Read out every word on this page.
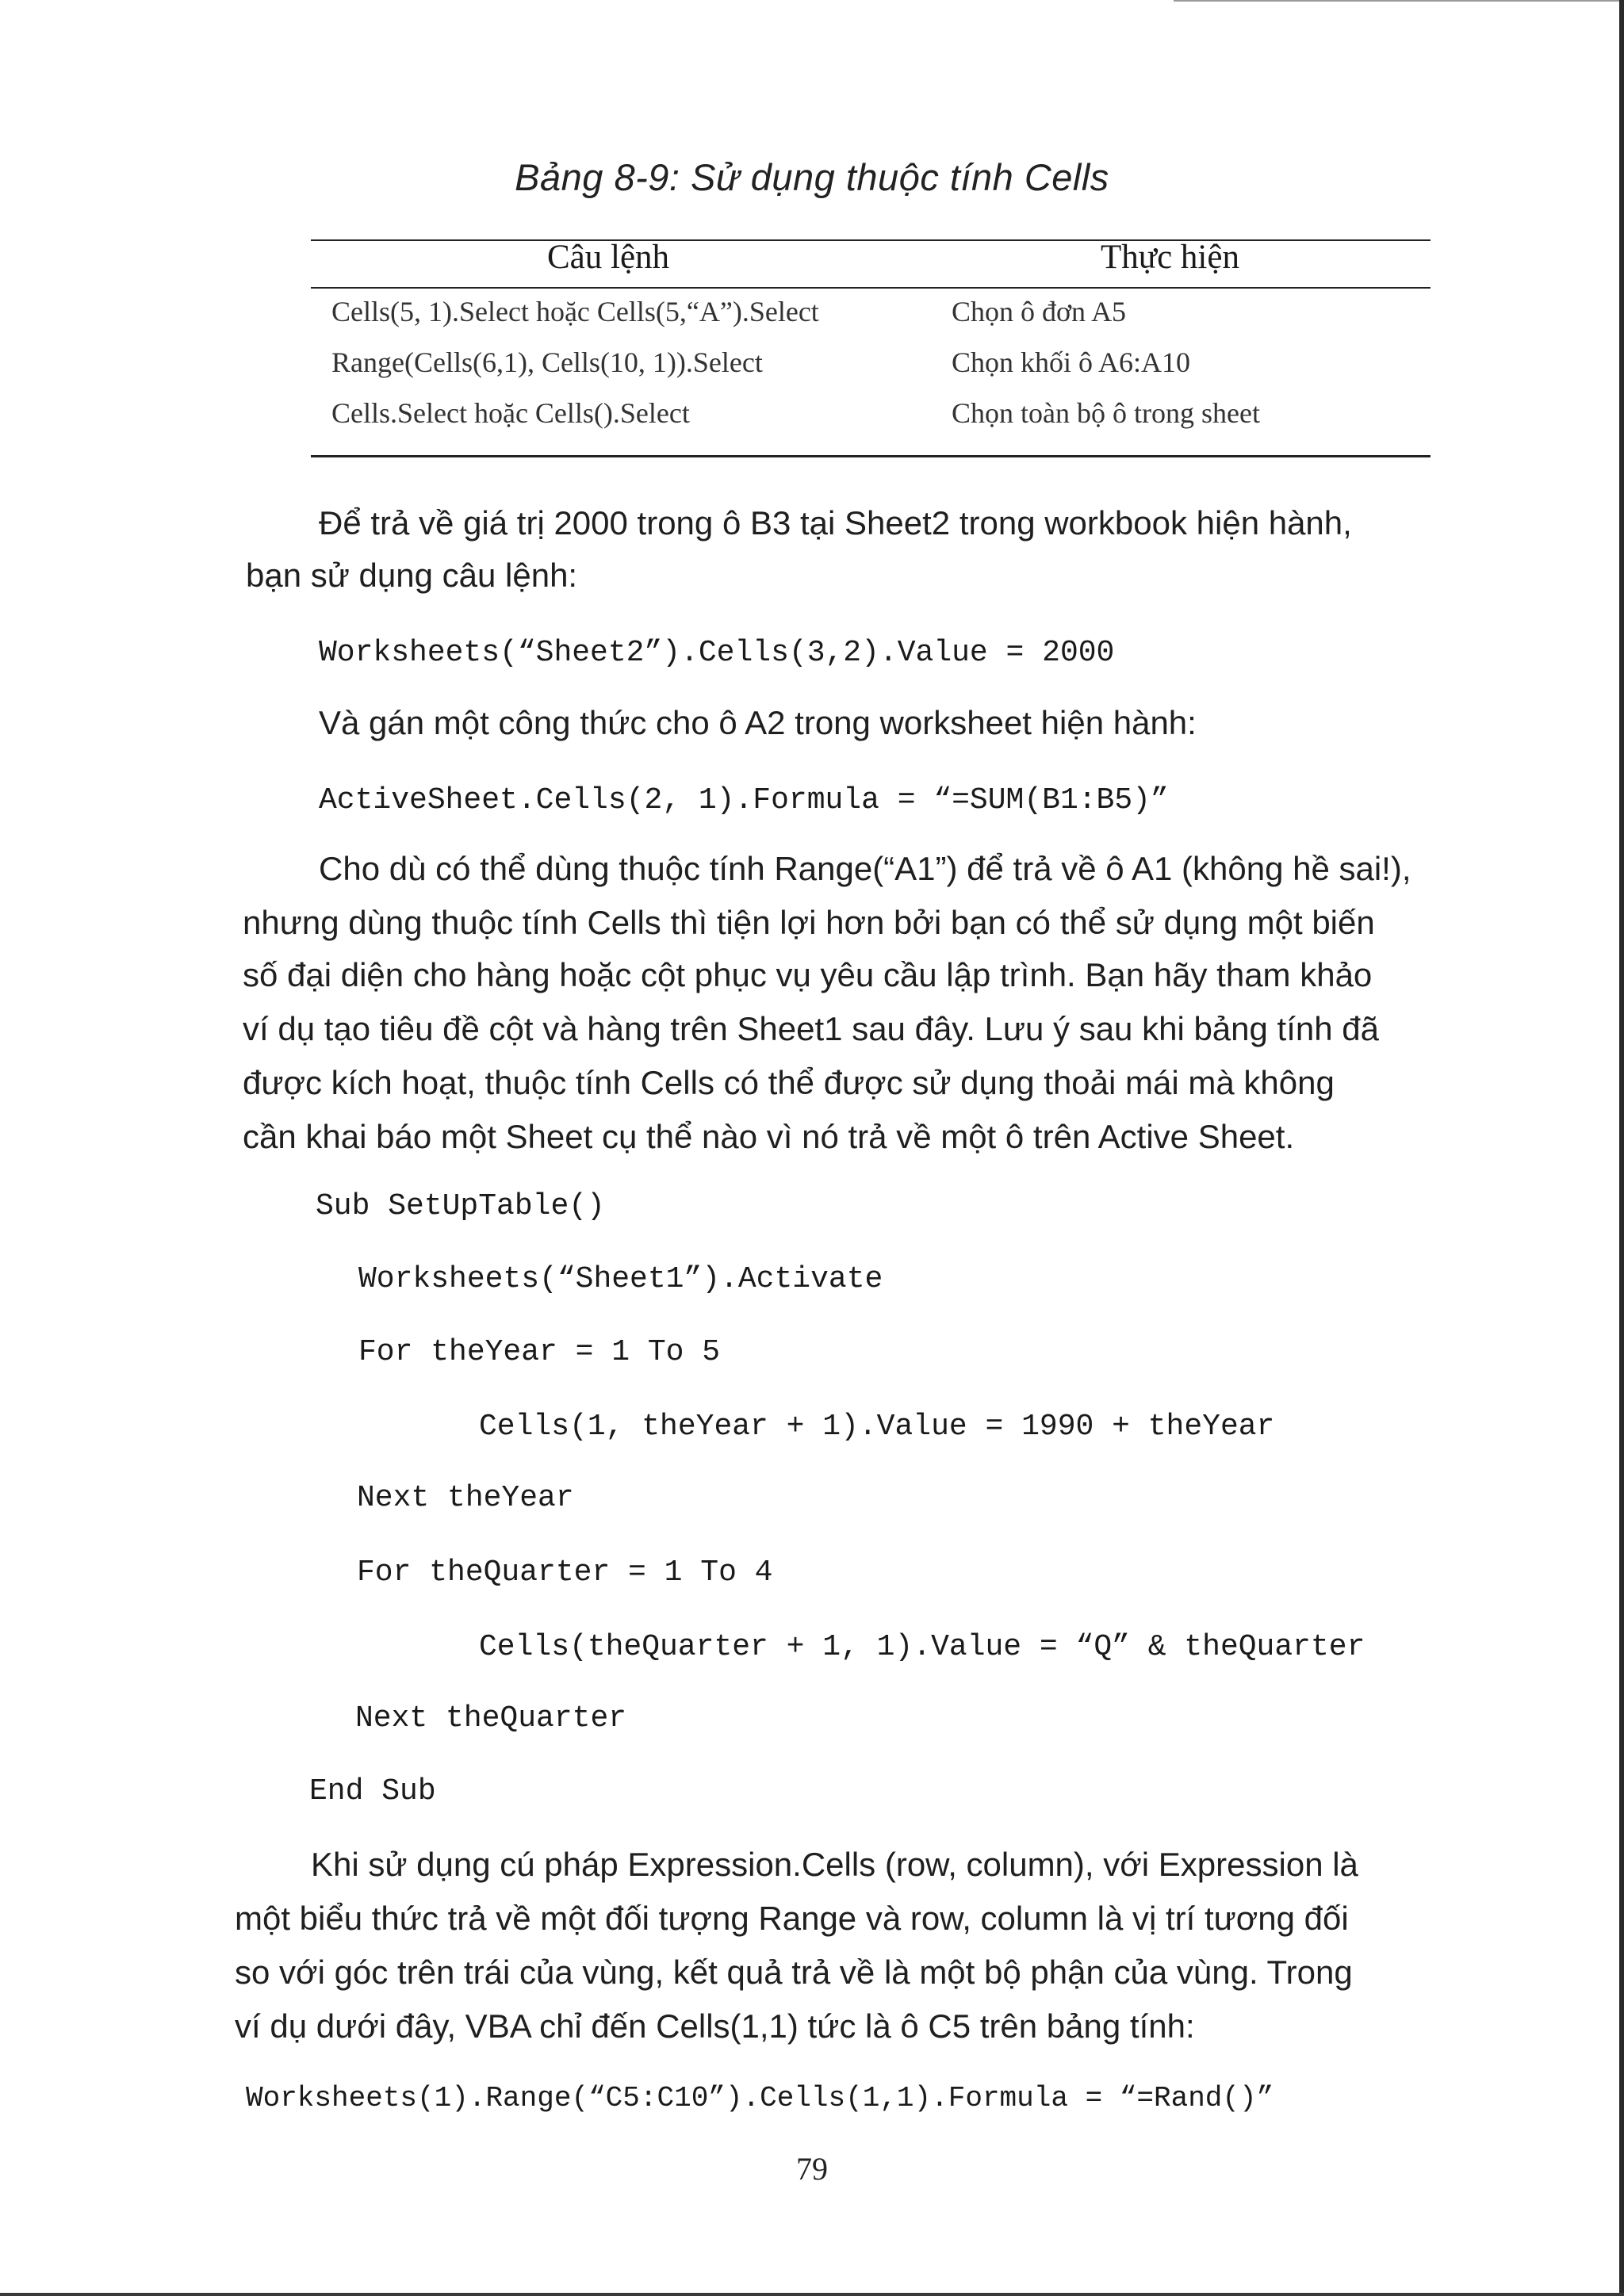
Bảng 8-9: Sử dụng thuộc tính Cells
Câu lệnh	Thực hiện
Cells(5, 1).Select hoặc Cells(5,“A”).Select	Chọn ô đơn A5
Range(Cells(6,1), Cells(10, 1)).Select	Chọn khối ô A6:A10
Cells.Select hoặc Cells().Select	Chọn toàn bộ ô trong sheet
Để trả về giá trị 2000 trong ô B3 tại Sheet2 trong workbook hiện hành,
bạn sử dụng câu lệnh:
Worksheets(“Sheet2”).Cells(3,2).Value = 2000
Và gán một công thức cho ô A2 trong worksheet hiện hành:
ActiveSheet.Cells(2, 1).Formula = “=SUM(B1:B5)”
Cho dù có thể dùng thuộc tính Range(“A1”) để trả về ô A1 (không hề sai!),
nhưng dùng thuộc tính Cells thì tiện lợi hơn bởi bạn có thể sử dụng một biến
số đại diện cho hàng hoặc cột phục vụ yêu cầu lập trình. Bạn hãy tham khảo
ví dụ tạo tiêu đề cột và hàng trên Sheet1 sau đây. Lưu ý sau khi bảng tính đã
được kích hoạt, thuộc tính Cells có thể được sử dụng thoải mái mà không
cần khai báo một Sheet cụ thể nào vì nó trả về một ô trên Active Sheet.
Sub SetUpTable()
Worksheets(“Sheet1”).Activate
For theYear = 1 To 5
Cells(1, theYear + 1).Value = 1990 + theYear
Next theYear
For theQuarter = 1 To 4
Cells(theQuarter + 1, 1).Value = “Q” & theQuarter
Next theQuarter
End Sub
Khi sử dụng cú pháp Expression.Cells (row, column), với Expression là
một biểu thức trả về một đối tượng Range và row, column là vị trí tương đối
so với góc trên trái của vùng, kết quả trả về là một bộ phận của vùng. Trong
ví dụ dưới đây, VBA chỉ đến Cells(1,1) tức là ô C5 trên bảng tính:
Worksheets(1).Range(“C5:C10”).Cells(1,1).Formula = “=Rand()”
79
